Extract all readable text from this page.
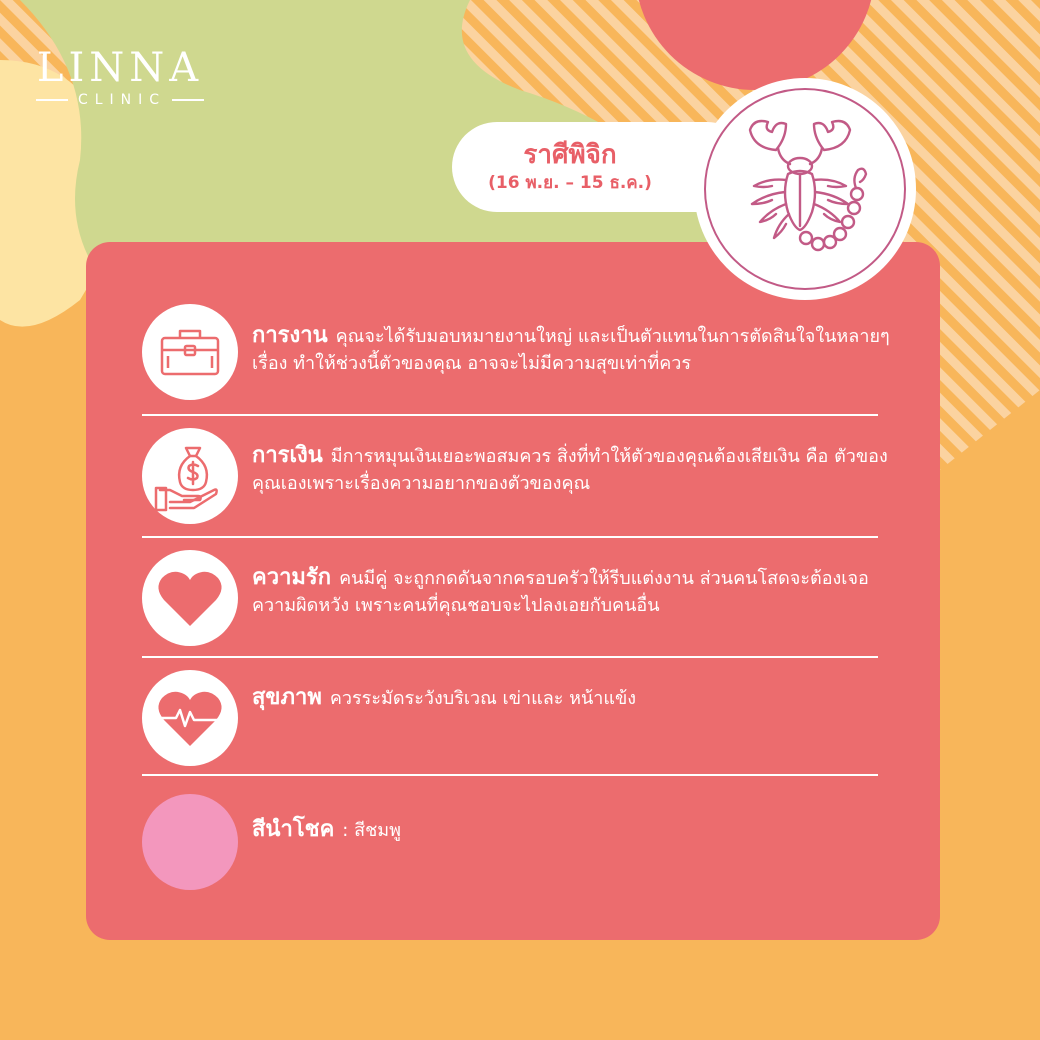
LINNA
CLINIC
ราศีพิจิก
(16 พ.ย. – 15 ธ.ค.)
การงาน คุณจะได้รับมอบหมายงานใหญ่ และเป็นตัวแทนในการตัดสินใจในหลายๆ เรื่อง ทำให้ช่วงนี้ตัวของคุณ อาจจะไม่มีความสุขเท่าที่ควร
การเงิน มีการหมุนเงินเยอะพอสมควร สิ่งที่ทำให้ตัวของคุณต้องเสียเงิน คือ ตัวของคุณเองเพราะเรื่องความอยากของตัวของคุณ
ความรัก คนมีคู่ จะถูกกดดันจากครอบครัวให้รีบแต่งงาน ส่วนคนโสดจะต้องเจอความผิดหวัง เพราะคนที่คุณชอบจะไปลงเอยกับคนอื่น
สุขภาพ ควรระมัดระวังบริเวณ เข่าและ หน้าแข้ง
สีนำโชค : สีชมพู
